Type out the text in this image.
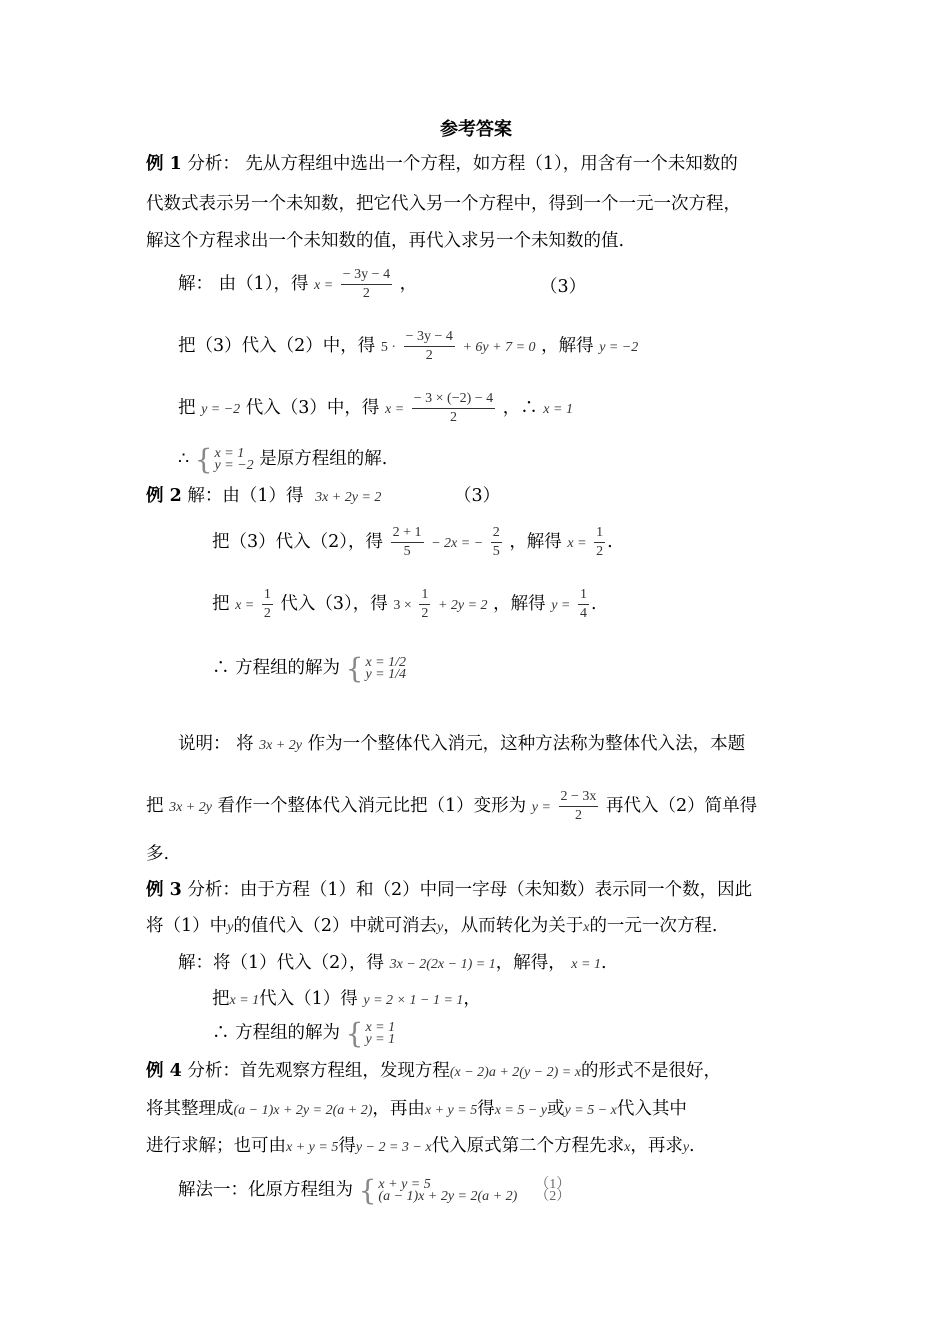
参考答案
例 1 分析： 先从方程组中选出一个方程，如方程（1），用含有一个未知数的
代数式表示另一个未知数，把它代入另一个方程中，得到一个一元一次方程，
解这个方程求出一个未知数的值，再代入求另一个未知数的值.
解： 由（1），得 $x = \frac{- 3y - 4}{2}$ ，	（3）
把（3）代入（2）中，得 $5 \cdot \frac{- 3y - 4}{2} + 6y + 7 = 0$ ，解得 y = −2
把 y = −2 代入（3）中，得 $x = \frac{- 3 \times (-2) - 4}{2}$ ，∴ x = 1
∴ { x = 1
y = −2 是原方程组的解.
例 2 解：由（1）得 3x + 2y = 2	（3）
把（3）代入（2），得 $\frac{2 + 1}{5} - 2x$ = − $\frac{2}{5}$ ，解得 $x = \frac{1}{2}$ .
把 $x = \frac{1}{2}$ 代入（3），得 $3 \times \frac{1}{2} + 2y = 2$ ，解得 $y = \frac{1}{4}$ .
∴ 方程组的解为 { x = 1/2
y = 1/4
说明： 将 3x + 2y 作为一个整体代入消元，这种方法称为整体代入法，本题
把 3x + 2y 看作一个整体代入消元比把（1）变形为 $y = \frac{2 - 3x}{2}$ 再代入（2）简单得
多.
例 3 分析：由于方程（1）和（2）中同一字母（未知数）表示同一个数，因此
将（1）中y的值代入（2）中就可消去y，从而转化为关于x的一元一次方程.
解：将（1）代入（2），得 3x − 2(2x − 1) = 1，解得， x = 1.
把x = 1代入（1）得 y = 2 × 1 − 1 = 1，
∴ 方程组的解为 { x = 1
y = 1
例 4 分析：首先观察方程组，发现方程(x − 2)a + 2(y − 2) = x的形式不是很好，
将其整理成(a − 1)x + 2y = 2(a + 2)，再由x + y = 5得x = 5 − y或y = 5 − x代入其中
进行求解；也可由x + y = 5得y − 2 = 3 − x代入原式第二个方程先求x，再求y.
解法一：化原方程组为 { x + y = 5
(a − 1)x + 2y = 2(a + 2)
（1）
（2）
